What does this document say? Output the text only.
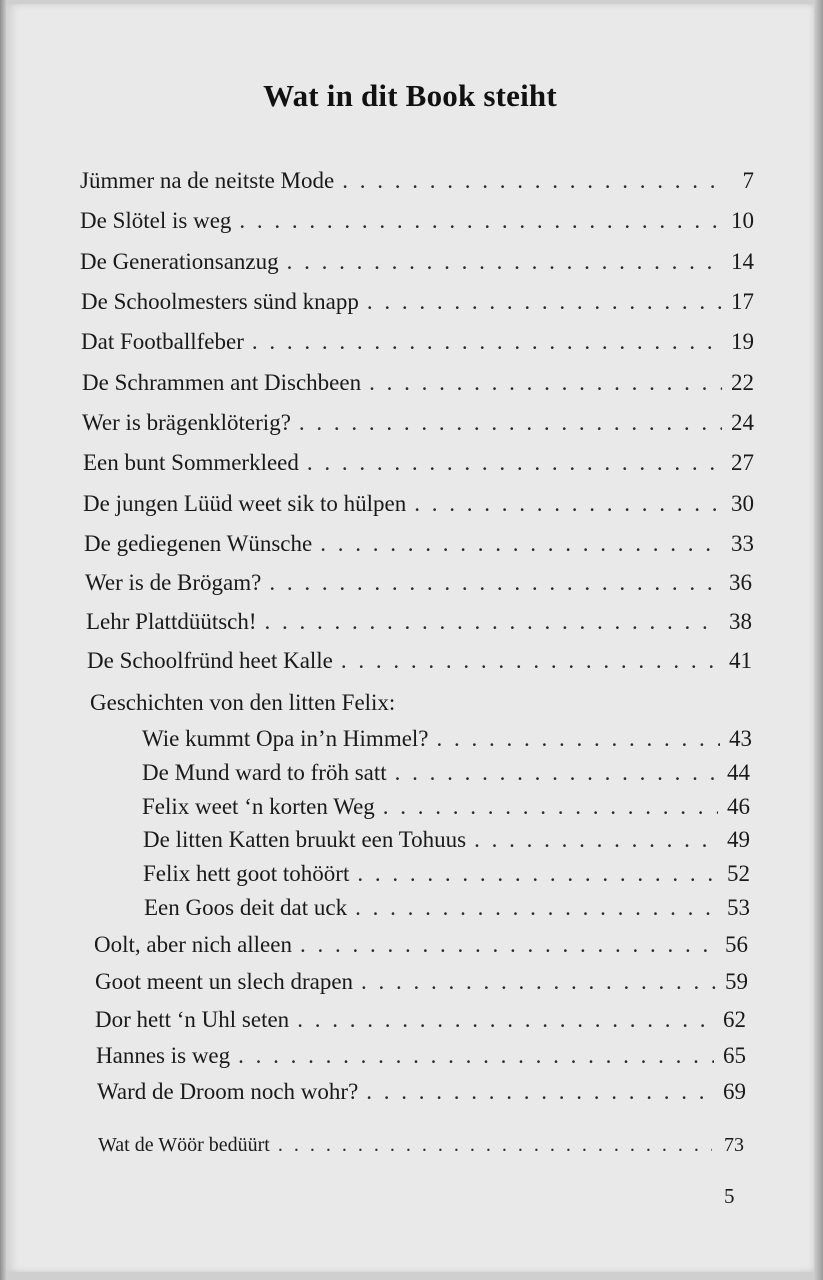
Wat in dit Book steiht
Jümmer na de neitste Mode . . .	7
De Slötel is weg . . .	10
De Generationsanzug . . .	14
De Schoolmesters sünd knapp . . .	17
Dat Footballfeber . . .	19
De Schrammen ant Dischbeen . . .	22
Wer is brägenklöterig? . . .	24
Een bunt Sommerkleed . . .	27
De jungen Lüüd weet sik to hülpen . . .	30
De gediegenen Wünsche . . .	33
Wer is de Brögam? . . .	36
Lehr Plattdüütsch! . . .	38
De Schoolfründ heet Kalle . . .	41
Geschichten von den litten Felix:
Wie kummt Opa in’n Himmel? . . .	43
De Mund ward to fröh satt . . .	44
Felix weet ‘n korten Weg . . .	46
De litten Katten bruukt een Tohuus . . .	49
Felix hett goot tohöört . . .	52
Een Goos deit dat uck . . .	53
Oolt, aber nich alleen . . .	56
Goot meent un slech drapen . . .	59
Dor hett ‘n Uhl seten . . .	62
Hannes is weg . . .	65
Ward de Droom noch wohr? . . .	69
Wat de Wöör bedüürt . . .	73
5
